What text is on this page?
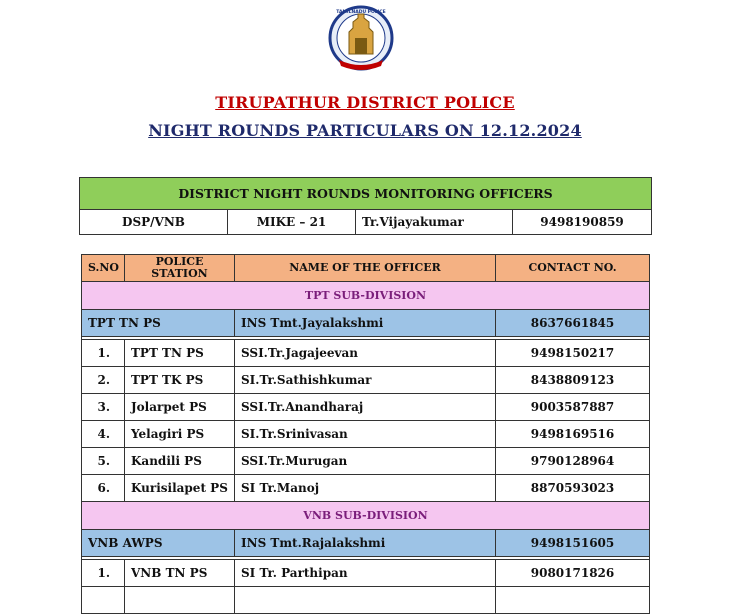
TAMILNADU POLICE
TIRUPATHUR DISTRICT POLICE
NIGHT ROUNDS PARTICULARS ON 12.12.2024
DISTRICT NIGHT ROUNDS MONITORING OFFICERS
DSP/VNB	MIKE – 21	Tr.Vijayakumar	9498190859
S.NO	POLICE STATION	NAME OF THE OFFICER	CONTACT NO.
TPT SUB-DIVISION			
TPT TN PS		INS Tmt.Jayalakshmi	8637661845

1.	TPT TN PS	SSI.Tr.Jagajeevan	9498150217
2.	TPT TK PS	SI.Tr.Sathishkumar	8438809123
3.	Jolarpet PS	SSI.Tr.Anandharaj	9003587887
4.	Yelagiri PS	SI.Tr.Srinivasan	9498169516
5.	Kandili PS	SSI.Tr.Murugan	9790128964
6.	Kurisilapet PS	SI Tr.Manoj	8870593023
VNB SUB-DIVISION			
VNB AWPS		INS Tmt.Rajalakshmi	9498151605

1.	VNB TN PS	SI Tr. Parthipan	9080171826
